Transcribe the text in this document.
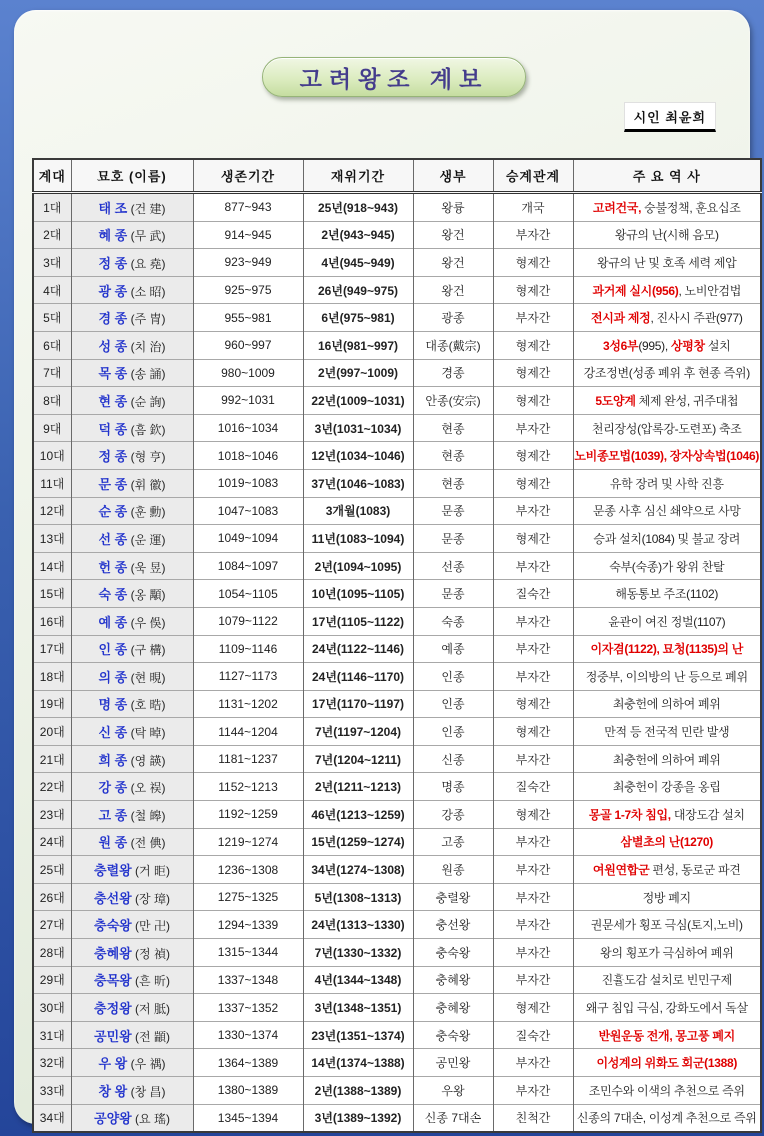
고려왕조 계보
시인 최윤희
계대	묘호 (이름)	생존기간	재위기간	생부	승계관계	주 요 역 사
1대	태 조 (건 建)	877~943	25년(918~943)	왕륭	개국	고려건국, 숭불정책, 훈요십조
2대	혜 종 (무 武)	914~945	2년(943~945)	왕건	부자간	왕규의 난(시해 음모)
3대	정 종 (요 堯)	923~949	4년(945~949)	왕건	형제간	왕규의 난 및 호족 세력 제압
4대	광 종 (소 昭)	925~975	26년(949~975)	왕건	형제간	과거제 실시(956), 노비안검법
5대	경 종 (주 冑)	955~981	6년(975~981)	광종	부자간	전시과 제정, 진사시 주관(977)
6대	성 종 (치 治)	960~997	16년(981~997)	대종(戴宗)	형제간	3성6부(995), 상평창 설치
7대	목 종 (송 誦)	980~1009	2년(997~1009)	경종	형제간	강조정변(성종 폐위 후 현종 즉위)
8대	현 종 (순 詢)	992~1031	22년(1009~1031)	안종(安宗)	형제간	5도양계 체제 완성, 귀주대첩
9대	덕 종 (흠 欽)	1016~1034	3년(1031~1034)	현종	부자간	천리장성(압록강-도련포) 축조
10대	정 종 (형 亨)	1018~1046	12년(1034~1046)	현종	형제간	노비종모법(1039), 장자상속법(1046)
11대	문 종 (휘 徽)	1019~1083	37년(1046~1083)	현종	형제간	유학 장려 및 사학 진흥
12대	순 종 (훈 勳)	1047~1083	3개월(1083)	문종	부자간	문종 사후 심신 쇄약으로 사망
13대	선 종 (운 運)	1049~1094	11년(1083~1094)	문종	형제간	승과 설치(1084) 및 불교 장려
14대	헌 종 (욱 昱)	1084~1097	2년(1094~1095)	선종	부자간	숙부(숙종)가 왕위 찬탈
15대	숙 종 (옹 顒)	1054~1105	10년(1095~1105)	문종	질숙간	해동통보 주조(1102)
16대	예 종 (우 俁)	1079~1122	17년(1105~1122)	숙종	부자간	윤관이 여진 정벌(1107)
17대	인 종 (구 構)	1109~1146	24년(1122~1146)	예종	부자간	이자겸(1122), 묘청(1135)의 난
18대	의 종 (현 晛)	1127~1173	24년(1146~1170)	인종	부자간	정중부, 이의방의 난 등으로 폐위
19대	명 종 (호 晧)	1131~1202	17년(1170~1197)	인종	형제간	최충헌에 의하여 폐위
20대	신 종 (탁 晫)	1144~1204	7년(1197~1204)	인종	형제간	만적 등 전국적 민란 발생
21대	희 종 (영 韺)	1181~1237	7년(1204~1211)	신종	부자간	최충헌에 의하여 폐위
22대	강 종 (오 祦)	1152~1213	2년(1211~1213)	명종	질숙간	최충헌이 강종을 옹립
23대	고 종 (철 皞)	1192~1259	46년(1213~1259)	강종	형제간	몽골 1-7차 침입, 대장도감 설치
24대	원 종 (전 倎)	1219~1274	15년(1259~1274)	고종	부자간	삼별초의 난(1270)
25대	충렬왕 (거 昛)	1236~1308	34년(1274~1308)	원종	부자간	여원연합군 편성, 동로군 파견
26대	충선왕 (장 璋)	1275~1325	5년(1308~1313)	충렬왕	부자간	정방 폐지
27대	충숙왕 (만 卍)	1294~1339	24년(1313~1330)	충선왕	부자간	권문세가 횡포 극심(토지,노비)
28대	충혜왕 (정 禎)	1315~1344	7년(1330~1332)	충숙왕	부자간	왕의 횡포가 극심하여 폐위
29대	충목왕 (흔 昕)	1337~1348	4년(1344~1348)	충혜왕	부자간	진휼도감 설치로 빈민구제
30대	충정왕 (저 胝)	1337~1352	3년(1348~1351)	충혜왕	형제간	왜구 침입 극심, 강화도에서 독살
31대	공민왕 (전 顓)	1330~1374	23년(1351~1374)	충숙왕	질숙간	반원운동 전개, 몽고풍 폐지
32대	우 왕 (우 禑)	1364~1389	14년(1374~1388)	공민왕	부자간	이성계의 위화도 회군(1388)
33대	창 왕 (창 昌)	1380~1389	2년(1388~1389)	우왕	부자간	조민수와 이색의 추천으로 즉위
34대	공양왕 (요 瑤)	1345~1394	3년(1389~1392)	신종 7대손	친척간	신종의 7대손, 이성계 추천으로 즉위
